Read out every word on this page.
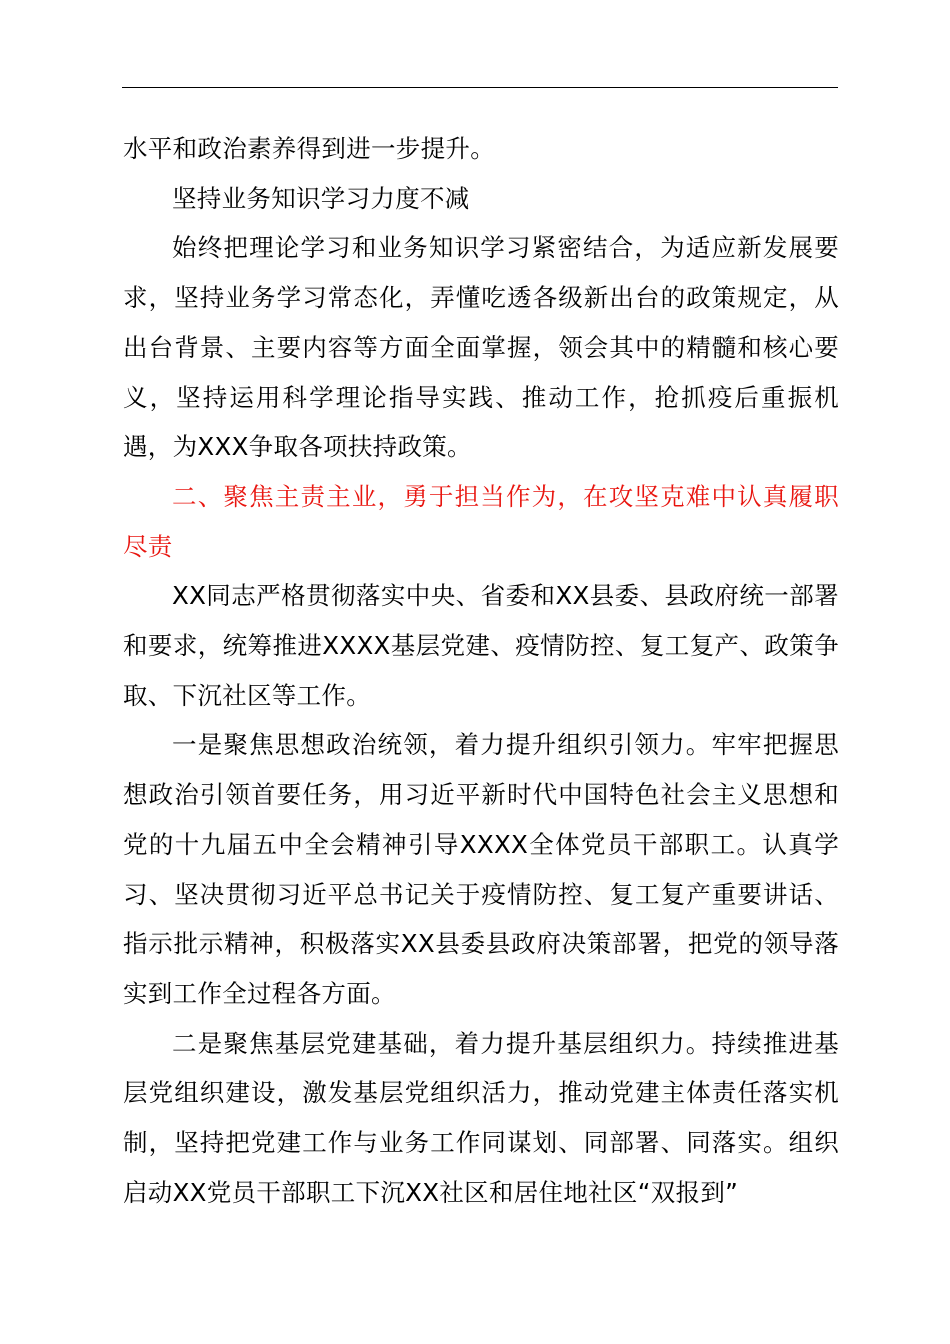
水平和政治素养得到进一步提升。

坚持业务知识学习力度不减

始终把理论学习和业务知识学习紧密结合，为适应新发展要求，坚持业务学习常态化，弄懂吃透各级新出台的政策规定，从出台背景、主要内容等方面全面掌握，领会其中的精髓和核心要义，坚持运用科学理论指导实践、推动工作，抢抓疫后重振机遇，为XXX争取各项扶持政策。

二、聚焦主责主业，勇于担当作为，在攻坚克难中认真履职尽责

XX同志严格贯彻落实中央、省委和XX县委、县政府统一部署和要求，统筹推进XXXX基层党建、疫情防控、复工复产、政策争取、下沉社区等工作。

一是聚焦思想政治统领，着力提升组织引领力。牢牢把握思想政治引领首要任务，用习近平新时代中国特色社会主义思想和党的十九届五中全会精神引导XXXX全体党员干部职工。认真学习、坚决贯彻习近平总书记关于疫情防控、复工复产重要讲话、指示批示精神，积极落实XX县委县政府决策部署，把党的领导落实到工作全过程各方面。

二是聚焦基层党建基础，着力提升基层组织力。持续推进基层党组织建设，激发基层党组织活力，推动党建主体责任落实机制，坚持把党建工作与业务工作同谋划、同部署、同落实。组织启动XX党员干部职工下沉XX社区和居住地社区“双报到”
